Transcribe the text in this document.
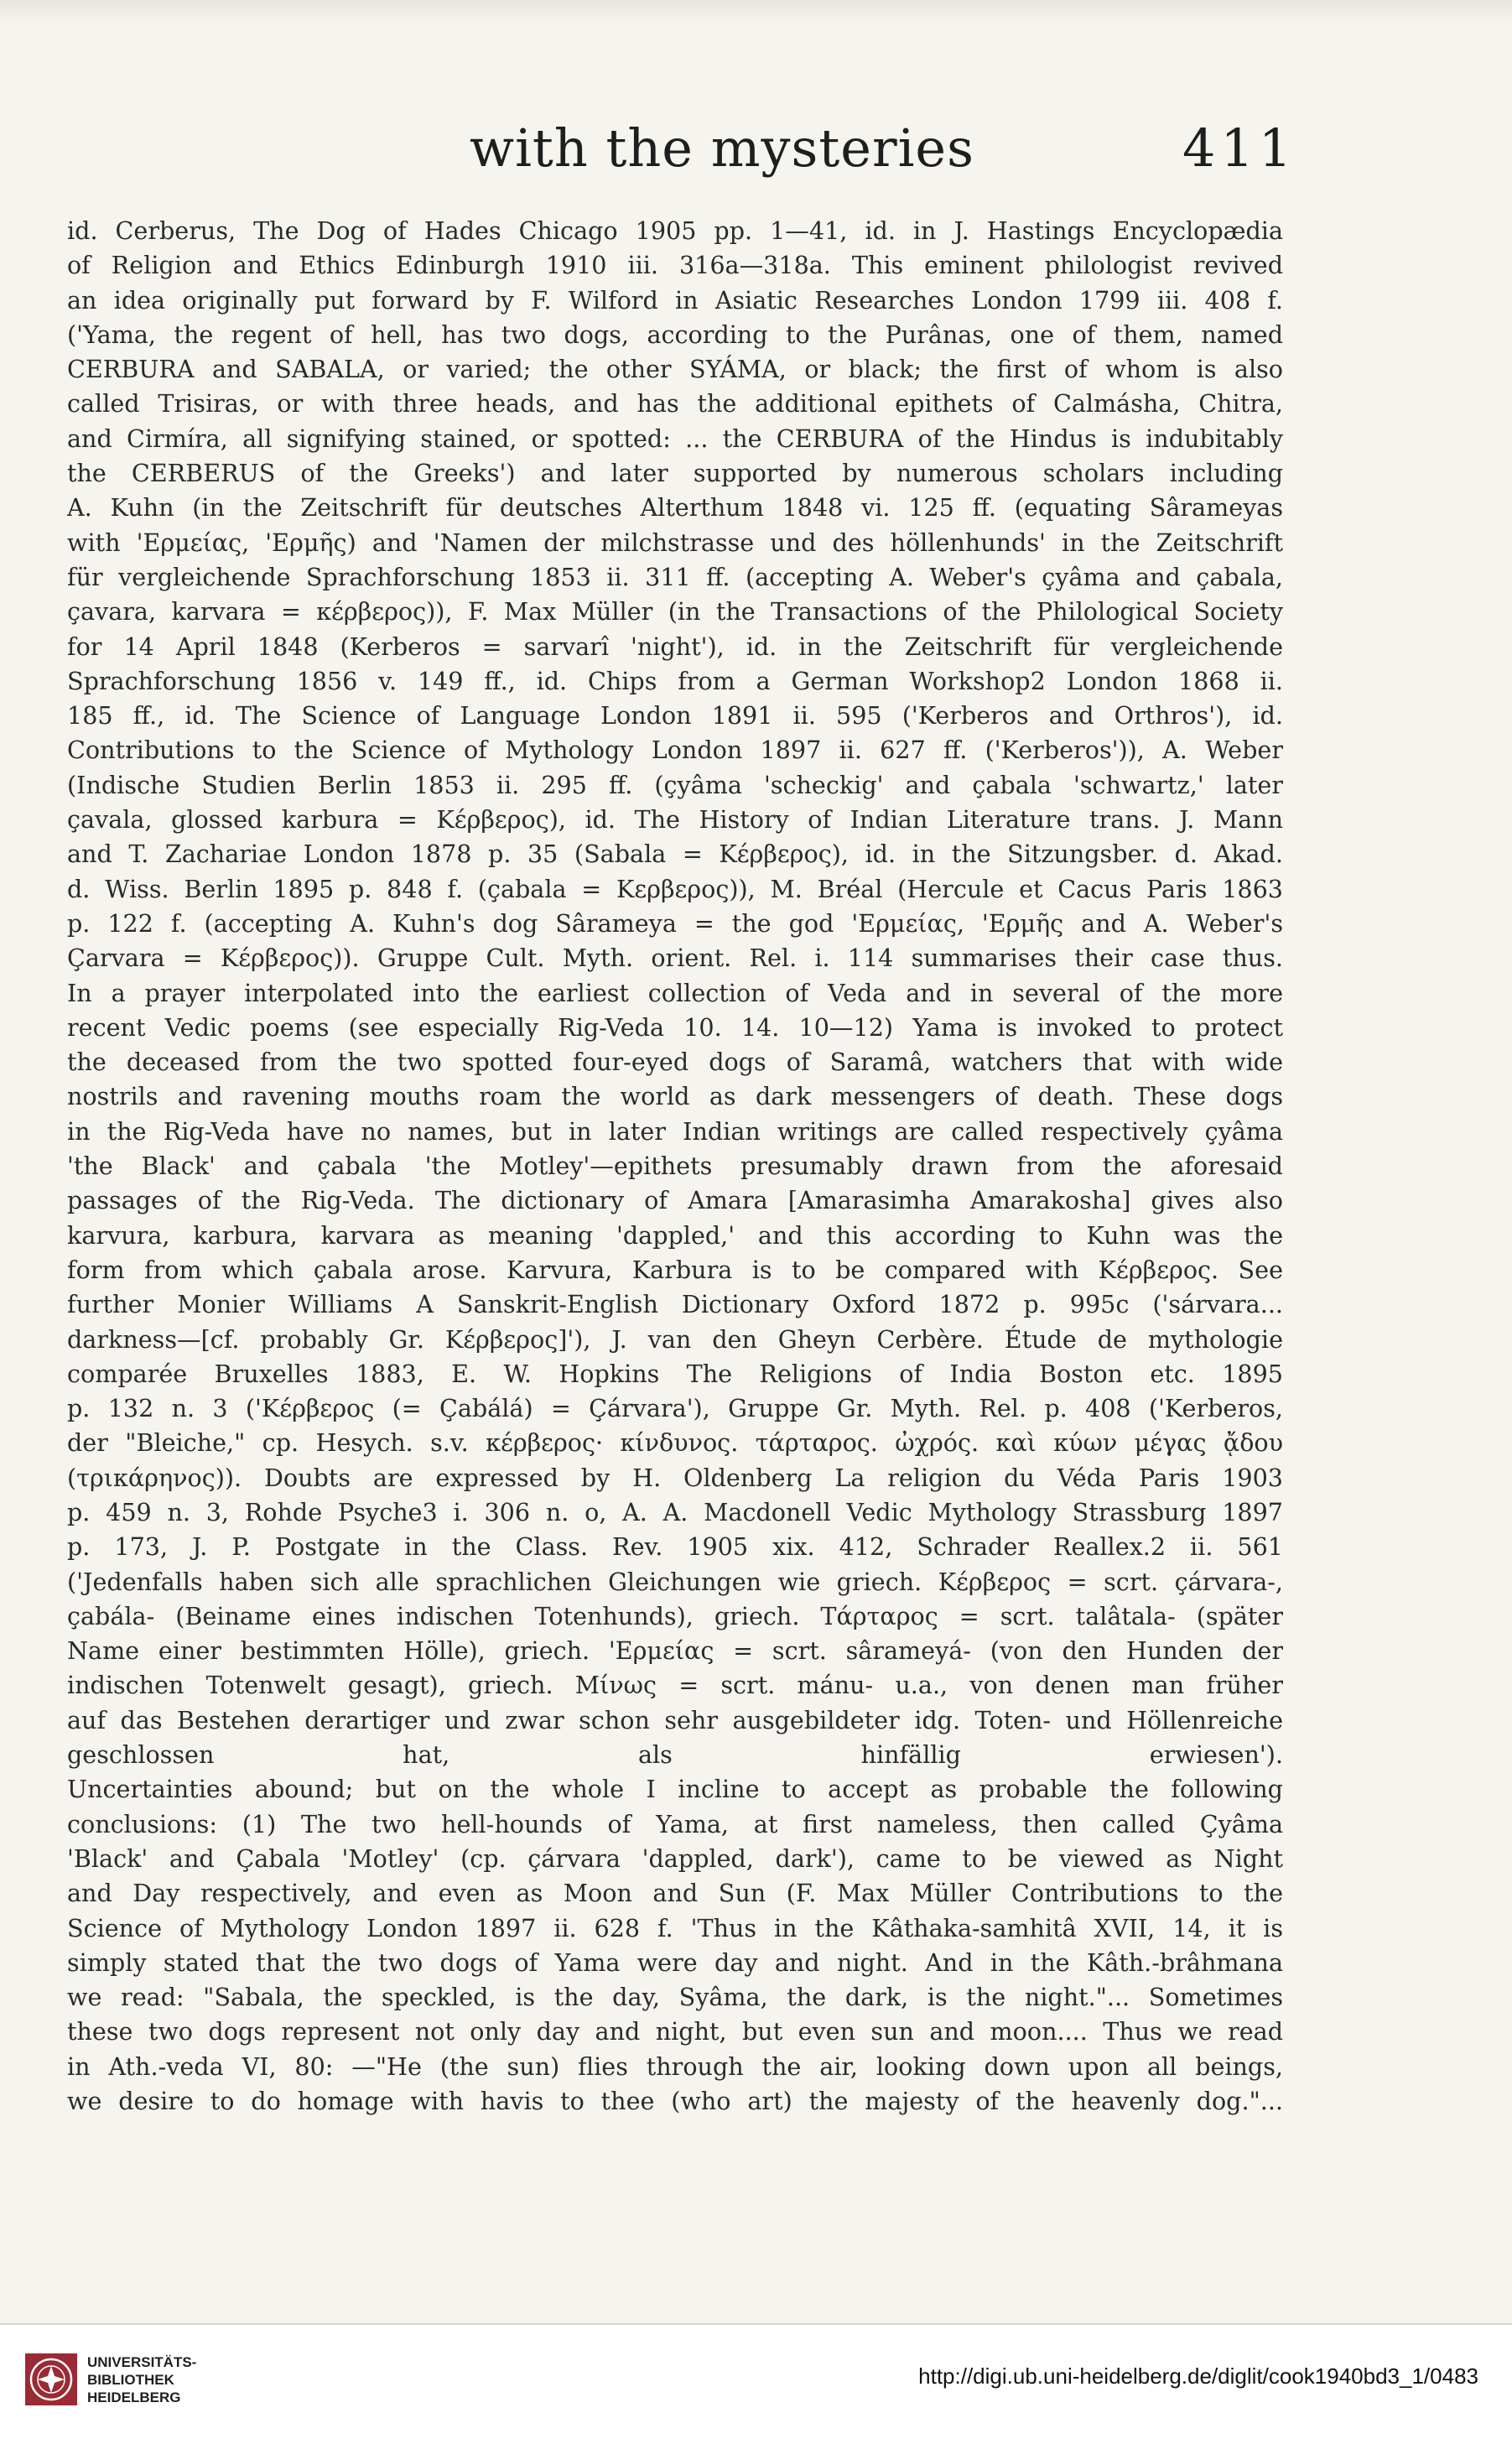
with the mysteries	411
id. Cerberus, The Dog of Hades Chicago 1905 pp. 1—41, id. in J. Hastings Encyclopædia
of Religion and Ethics Edinburgh 1910 iii. 316a—318a. This eminent philologist revived
an idea originally put forward by F. Wilford in Asiatic Researches London 1799 iii. 408 f.
('Yama, the regent of hell, has two dogs, according to the Purânas, one of them, named
CERBURA and SABALA, or varied; the other SYÁMA, or black; the first of whom is also
called Trisiras, or with three heads, and has the additional epithets of Calmásha, Chitra,
and Cirmíra, all signifying stained, or spotted: ... the CERBURA of the Hindus is indubitably
the CERBERUS of the Greeks') and later supported by numerous scholars including
A. Kuhn (in the Zeitschrift für deutsches Alterthum 1848 vi. 125 ff. (equating Sârameyas
with 'Ερμείας, 'Ερμῆς) and 'Namen der milchstrasse und des höllenhunds' in the Zeitschrift
für vergleichende Sprachforschung 1853 ii. 311 ff. (accepting A. Weber's çyâma and çabala,
çavara, karvara = κέρβερος)), F. Max Müller (in the Transactions of the Philological Society
for 14 April 1848 (Kerberos = sarvarî 'night'), id. in the Zeitschrift für vergleichende
Sprachforschung 1856 v. 149 ff., id. Chips from a German Workshop2 London 1868 ii.
185 ff., id. The Science of Language London 1891 ii. 595 ('Kerberos and Orthros'), id.
Contributions to the Science of Mythology London 1897 ii. 627 ff. ('Kerberos')), A. Weber
(Indische Studien Berlin 1853 ii. 295 ff. (çyâma 'scheckig' and çabala 'schwartz,' later
çavala, glossed karbura = Κέρβερος), id. The History of Indian Literature trans. J. Mann
and T. Zachariae London 1878 p. 35 (Sabala = Κέρβερος), id. in the Sitzungsber. d. Akad.
d. Wiss. Berlin 1895 p. 848 f. (çabala = Κερβερος)), M. Bréal (Hercule et Cacus Paris 1863
p. 122 f. (accepting A. Kuhn's dog Sârameya = the god 'Ερμείας, 'Ερμῆς and A. Weber's
Çarvara = Κέρβερος)). Gruppe Cult. Myth. orient. Rel. i. 114 summarises their case thus.
In a prayer interpolated into the earliest collection of Veda and in several of the more
recent Vedic poems (see especially Rig-Veda 10. 14. 10—12) Yama is invoked to protect
the deceased from the two spotted four-eyed dogs of Saramâ, watchers that with wide
nostrils and ravening mouths roam the world as dark messengers of death. These dogs
in the Rig-Veda have no names, but in later Indian writings are called respectively çyâma
'the Black' and çabala 'the Motley'—epithets presumably drawn from the aforesaid
passages of the Rig-Veda. The dictionary of Amara [Amarasimha Amarakosha] gives also
karvura, karbura, karvara as meaning 'dappled,' and this according to Kuhn was the
form from which çabala arose. Karvura, Karbura is to be compared with Κέρβερος. See
further Monier Williams A Sanskrit-English Dictionary Oxford 1872 p. 995c ('sárvara...
darkness—[cf. probably Gr. Κέρβερος]'), J. van den Gheyn Cerbère. Étude de mythologie
comparée Bruxelles 1883, E. W. Hopkins The Religions of India Boston etc. 1895
p. 132 n. 3 ('Κέρβερος (= Çabálá) = Çárvara'), Gruppe Gr. Myth. Rel. p. 408 ('Kerberos,
der "Bleiche," cp. Hesych. s.v. κέρβερος· κίνδυνος. τάρταρος. ὠχρός. καὶ κύων μέγας ᾄδου
(τρικάρηνος)). Doubts are expressed by H. Oldenberg La religion du Véda Paris 1903
p. 459 n. 3, Rohde Psyche3 i. 306 n. o, A. A. Macdonell Vedic Mythology Strassburg 1897
p. 173, J. P. Postgate in the Class. Rev. 1905 xix. 412, Schrader Reallex.2 ii. 561
('Jedenfalls haben sich alle sprachlichen Gleichungen wie griech. Κέρβερος = scrt. çárvara-,
çabála- (Beiname eines indischen Totenhunds), griech. Τάρταρος = scrt. talâtala- (später
Name einer bestimmten Hölle), griech. 'Ερμείας = scrt. sârameyá- (von den Hunden der
indischen Totenwelt gesagt), griech. Μίνως = scrt. mánu- u.a., von denen man früher
auf das Bestehen derartiger und zwar schon sehr ausgebildeter idg. Toten- und Höllenreiche
geschlossen hat, als hinfällig erwiesen').
Uncertainties abound; but on the whole I incline to accept as probable the following
conclusions: (1) The two hell-hounds of Yama, at first nameless, then called Çyâma
'Black' and Çabala 'Motley' (cp. çárvara 'dappled, dark'), came to be viewed as Night
and Day respectively, and even as Moon and Sun (F. Max Müller Contributions to the
Science of Mythology London 1897 ii. 628 f. 'Thus in the Kâthaka-samhitâ XVII, 14, it is
simply stated that the two dogs of Yama were day and night. And in the Kâth.-brâhmana
we read: "Sabala, the speckled, is the day, Syâma, the dark, is the night."... Sometimes
these two dogs represent not only day and night, but even sun and moon.... Thus we read
in Ath.-veda VI, 80: —"He (the sun) flies through the air, looking down upon all beings,
we desire to do homage with havis to thee (who art) the majesty of the heavenly dog."...
UNIVERSITÄTS-
BIBLIOTHEK
HEIDELBERG
http://digi.ub.uni-heidelberg.de/diglit/cook1940bd3_1/0483
